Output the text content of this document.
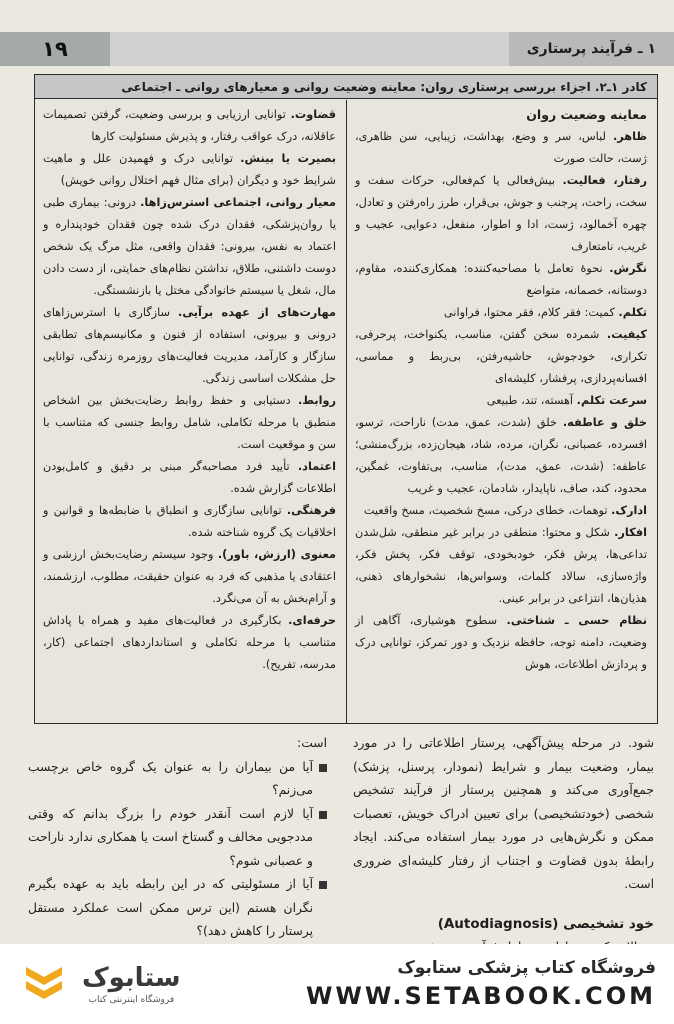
۱۹	۱ ـ فرآیند پرستاری
کادر ۱ـ۲. اجزاء بررسی پرستاری روان: معاینه وضعیت روانی و معیارهای روانی ـ اجتماعی

معاینه وضعیت روان

ظاهر. لباس، سر و وضع، بهداشت، زیبایی، سن ظاهری، ژست، حالت صورت

رفتار، فعالیت. بیش‌فعالی یا کم‌فعالی، حرکات سفت و سخت، راحت، پرجنب و جوش، بی‌قرار، طرز راه‌رفتن و تعادل، چهره آخمالود، ژست، ادا و اطوار، منفعل، دعوایی، عجیب و غریب، نامتعارف

نگرش. نحوۀ تعامل با مصاحبه‌کننده: همکاری‌کننده، مقاوم، دوستانه، خصمانه، متواضع

تکلم. کمیت: فقر کلام، فقر محتوا، فراوانی

کیفیت. شمرده سخن گفتن، مناسب، یکنواخت، پرحرفی، تکراری، خودجوش، حاشیه‌رفتن، بی‌ربط و مماسی، افسانه‌پردازی، پرفشار، کلیشه‌ای

سرعت تکلم. آهسته، تند، طبیعی

خلق و عاطفه. خلق (شدت، عمق، مدت) ناراحت، ترسو، افسرده، عصبانی، نگران، مرده، شاد، هیجان‌زده، بزرگ‌منشی؛ عاطفه: (شدت، عمق، مدت)، مناسب، بی‌تفاوت، غمگین، محدود، کند، صاف، ناپایدار، شادمان، عجیب و غریب

ادارک. توهمات، خطای درکی، مسخ شخصیت، مسخ واقعیت

افکار. شکل و محتوا: منطقی در برابر غیر منطقی، شل‌شدن تداعی‌ها، پرش فکر، خودبخودی، توقف فکر، پخش فکر، واژه‌سازی، سالاد کلمات، وسواس‌ها، نشخوارهای ذهنی، هذیان‌ها، انتزاعی در برابر عینی.

نظام حسی ـ شناختی. سطوح هوشیاری، آگاهی از وضعیت، دامنه توجه، حافظه نزدیک و دور تمرکز، توانایی درک و پردازش اطلاعات، هوش

قضاوت. توانایی ارزیابی و بررسی وضعیت، گرفتن تصمیمات عاقلانه، درک عواقب رفتار، و پذیرش مسئولیت کارها

بصیرت یا بینش. توانایی درک و فهمیدن علل و ماهیت شرایط خود و دیگران (برای مثال فهم اختلال روانی خویش)

معیار روانی، اجتماعی استرس‌زاها. درونی: بیماری طبی یا روان‌پزشکی، فقدان درک شده چون فقدان خودپنداره و اعتماد به نفس، بیرونی: فقدان واقعی، مثل مرگ یک شخص دوست داشتنی، طلاق، نداشتن نظام‌های حمایتی، از دست دادن مال، شغل یا سیستم خانوادگی مختل یا بازنشستگی.

مهارت‌های از عهده برآیی. سازگاری با استرس‌زاهای درونی و بیرونی، استفاده از فنون و مکانیسم‌های تطابقی سازگار و کارآمد، مدیریت فعالیت‌های روزمره زندگی، توانایی حل مشکلات اساسی زندگی.

روابط. دستیابی و حفظ روابط رضایت‌بخش بین اشخاص منطبق با مرحله تکاملی، شامل روابط جنسی که متناسب با سن و موقعیت است.

اعتماد. تأیید فرد مصاحبه‌گر مبنی بر دقیق و کامل‌بودن اطلاعات گزارش شده.

فرهنگی. توانایی سازگاری و انطباق با ضابطه‌ها و قوانین و اخلاقیات یک گروه شناخته شده.

معنوی (ارزش، باور). وجود سیستم رضایت‌بخش ارزشی و اعتقادی یا مذهبی که فرد به عنوان حقیقت، مطلوب، ارزشمند، و آرام‌بخش به آن می‌نگرد.

حرفه‌ای. بکارگیری در فعالیت‌های مفید و همراه با پاداش متناسب با مرحله تکاملی و استانداردهای اجتماعی (کار، مدرسه، تفریح).

شود. در مرحله پیش‌آگهی، پرستار اطلاعاتی را در مورد بیمار، وضعیت بیمار و شرایط (نمودار، پرسنل، پزشک) جمع‌آوری می‌کند و همچنین پرستار از فرآیند تشخیص شخصی (خودتشخیصی) برای تعیین ادراک خویش، تعصبات ممکن و نگرش‌هایی در مورد بیمار استفاده می‌کند. ایجاد رابطهٔ بدون قضاوت و اجتناب از رفتار کلیشه‌ای ضروری است.

خود تشخیصی (Autodiagnosis)

است:

آیا من بیماران را به عنوان یک گروه خاص برچسب می‌زنم؟
آیا لازم است آنقدر خودم را بزرگ بدانم که وقتی مددجویی مخالف و گستاخ است یا همکاری ندارد ناراحت و عصبانی شوم؟
آیا از مسئولیتی که در این رابطه باید به عهده بگیرم نگران هستم (این ترس ممکن است عملکرد مستقل پرستار را کاهش دهد)؟
ستابوک
فروشگاه اینترنتی کتاب
فروشگاه کتاب پزشکی ستابوک
WWW.SETABOOK.COM
